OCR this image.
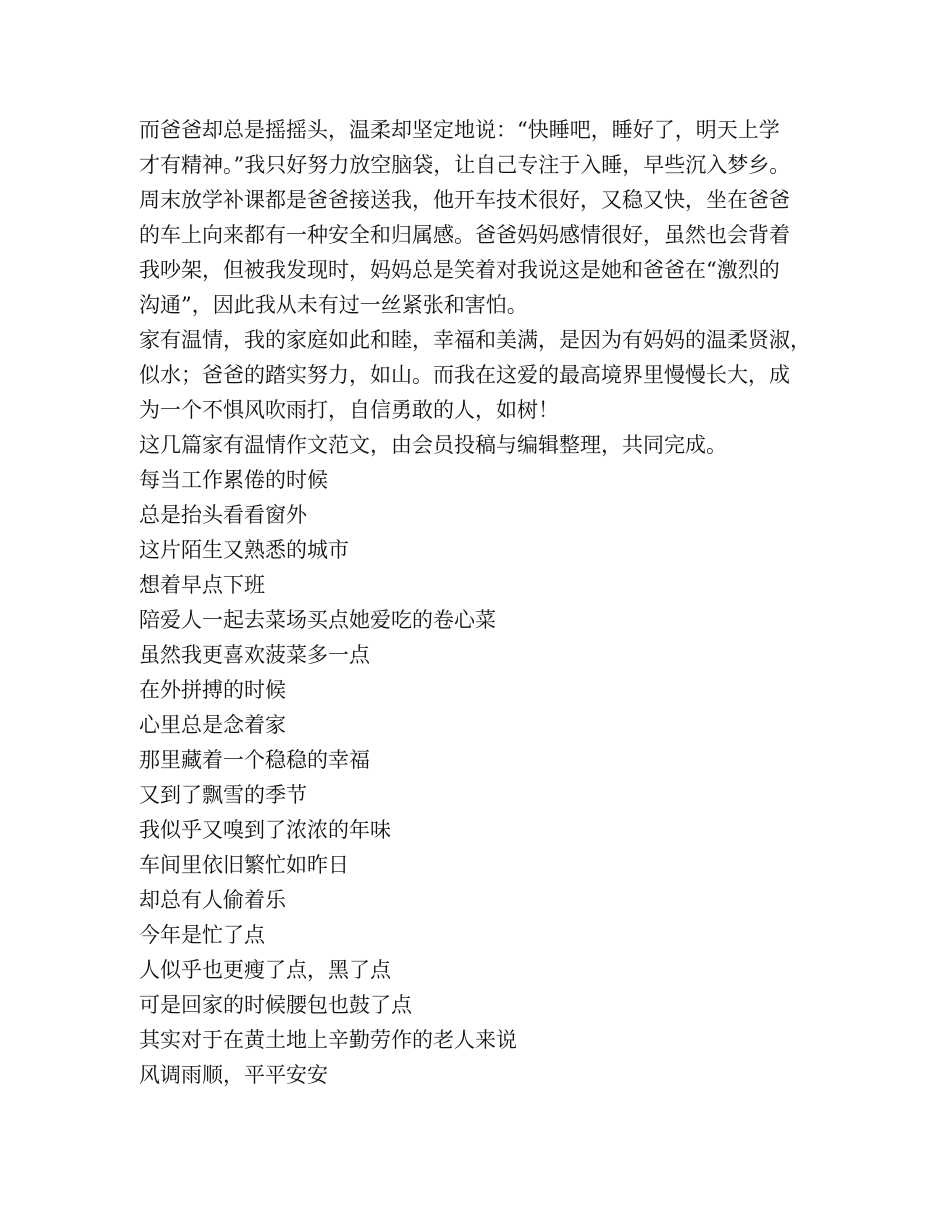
而爸爸却总是摇摇头，温柔却坚定地说：“快睡吧，睡好了，明天上学
才有精神。”我只好努力放空脑袋，让自己专注于入睡，早些沉入梦乡。
周末放学补课都是爸爸接送我，他开车技术很好，又稳又快，坐在爸爸
的车上向来都有一种安全和归属感。爸爸妈妈感情很好，虽然也会背着
我吵架，但被我发现时，妈妈总是笑着对我说这是她和爸爸在“激烈的
沟通”，因此我从未有过一丝紧张和害怕。
家有温情，我的家庭如此和睦，幸福和美满，是因为有妈妈的温柔贤淑，
似水；爸爸的踏实努力，如山。而我在这爱的最高境界里慢慢长大，成
为一个不惧风吹雨打，自信勇敢的人，如树！
这几篇家有温情作文范文，由会员投稿与编辑整理，共同完成。
每当工作累倦的时候
总是抬头看看窗外
这片陌生又熟悉的城市
想着早点下班
陪爱人一起去菜场买点她爱吃的卷心菜
虽然我更喜欢菠菜多一点
在外拼搏的时候
心里总是念着家
那里藏着一个稳稳的幸福
又到了飘雪的季节
我似乎又嗅到了浓浓的年味
车间里依旧繁忙如昨日
却总有人偷着乐
今年是忙了点
人似乎也更瘦了点，黑了点
可是回家的时候腰包也鼓了点
其实对于在黄土地上辛勤劳作的老人来说
风调雨顺，平平安安
